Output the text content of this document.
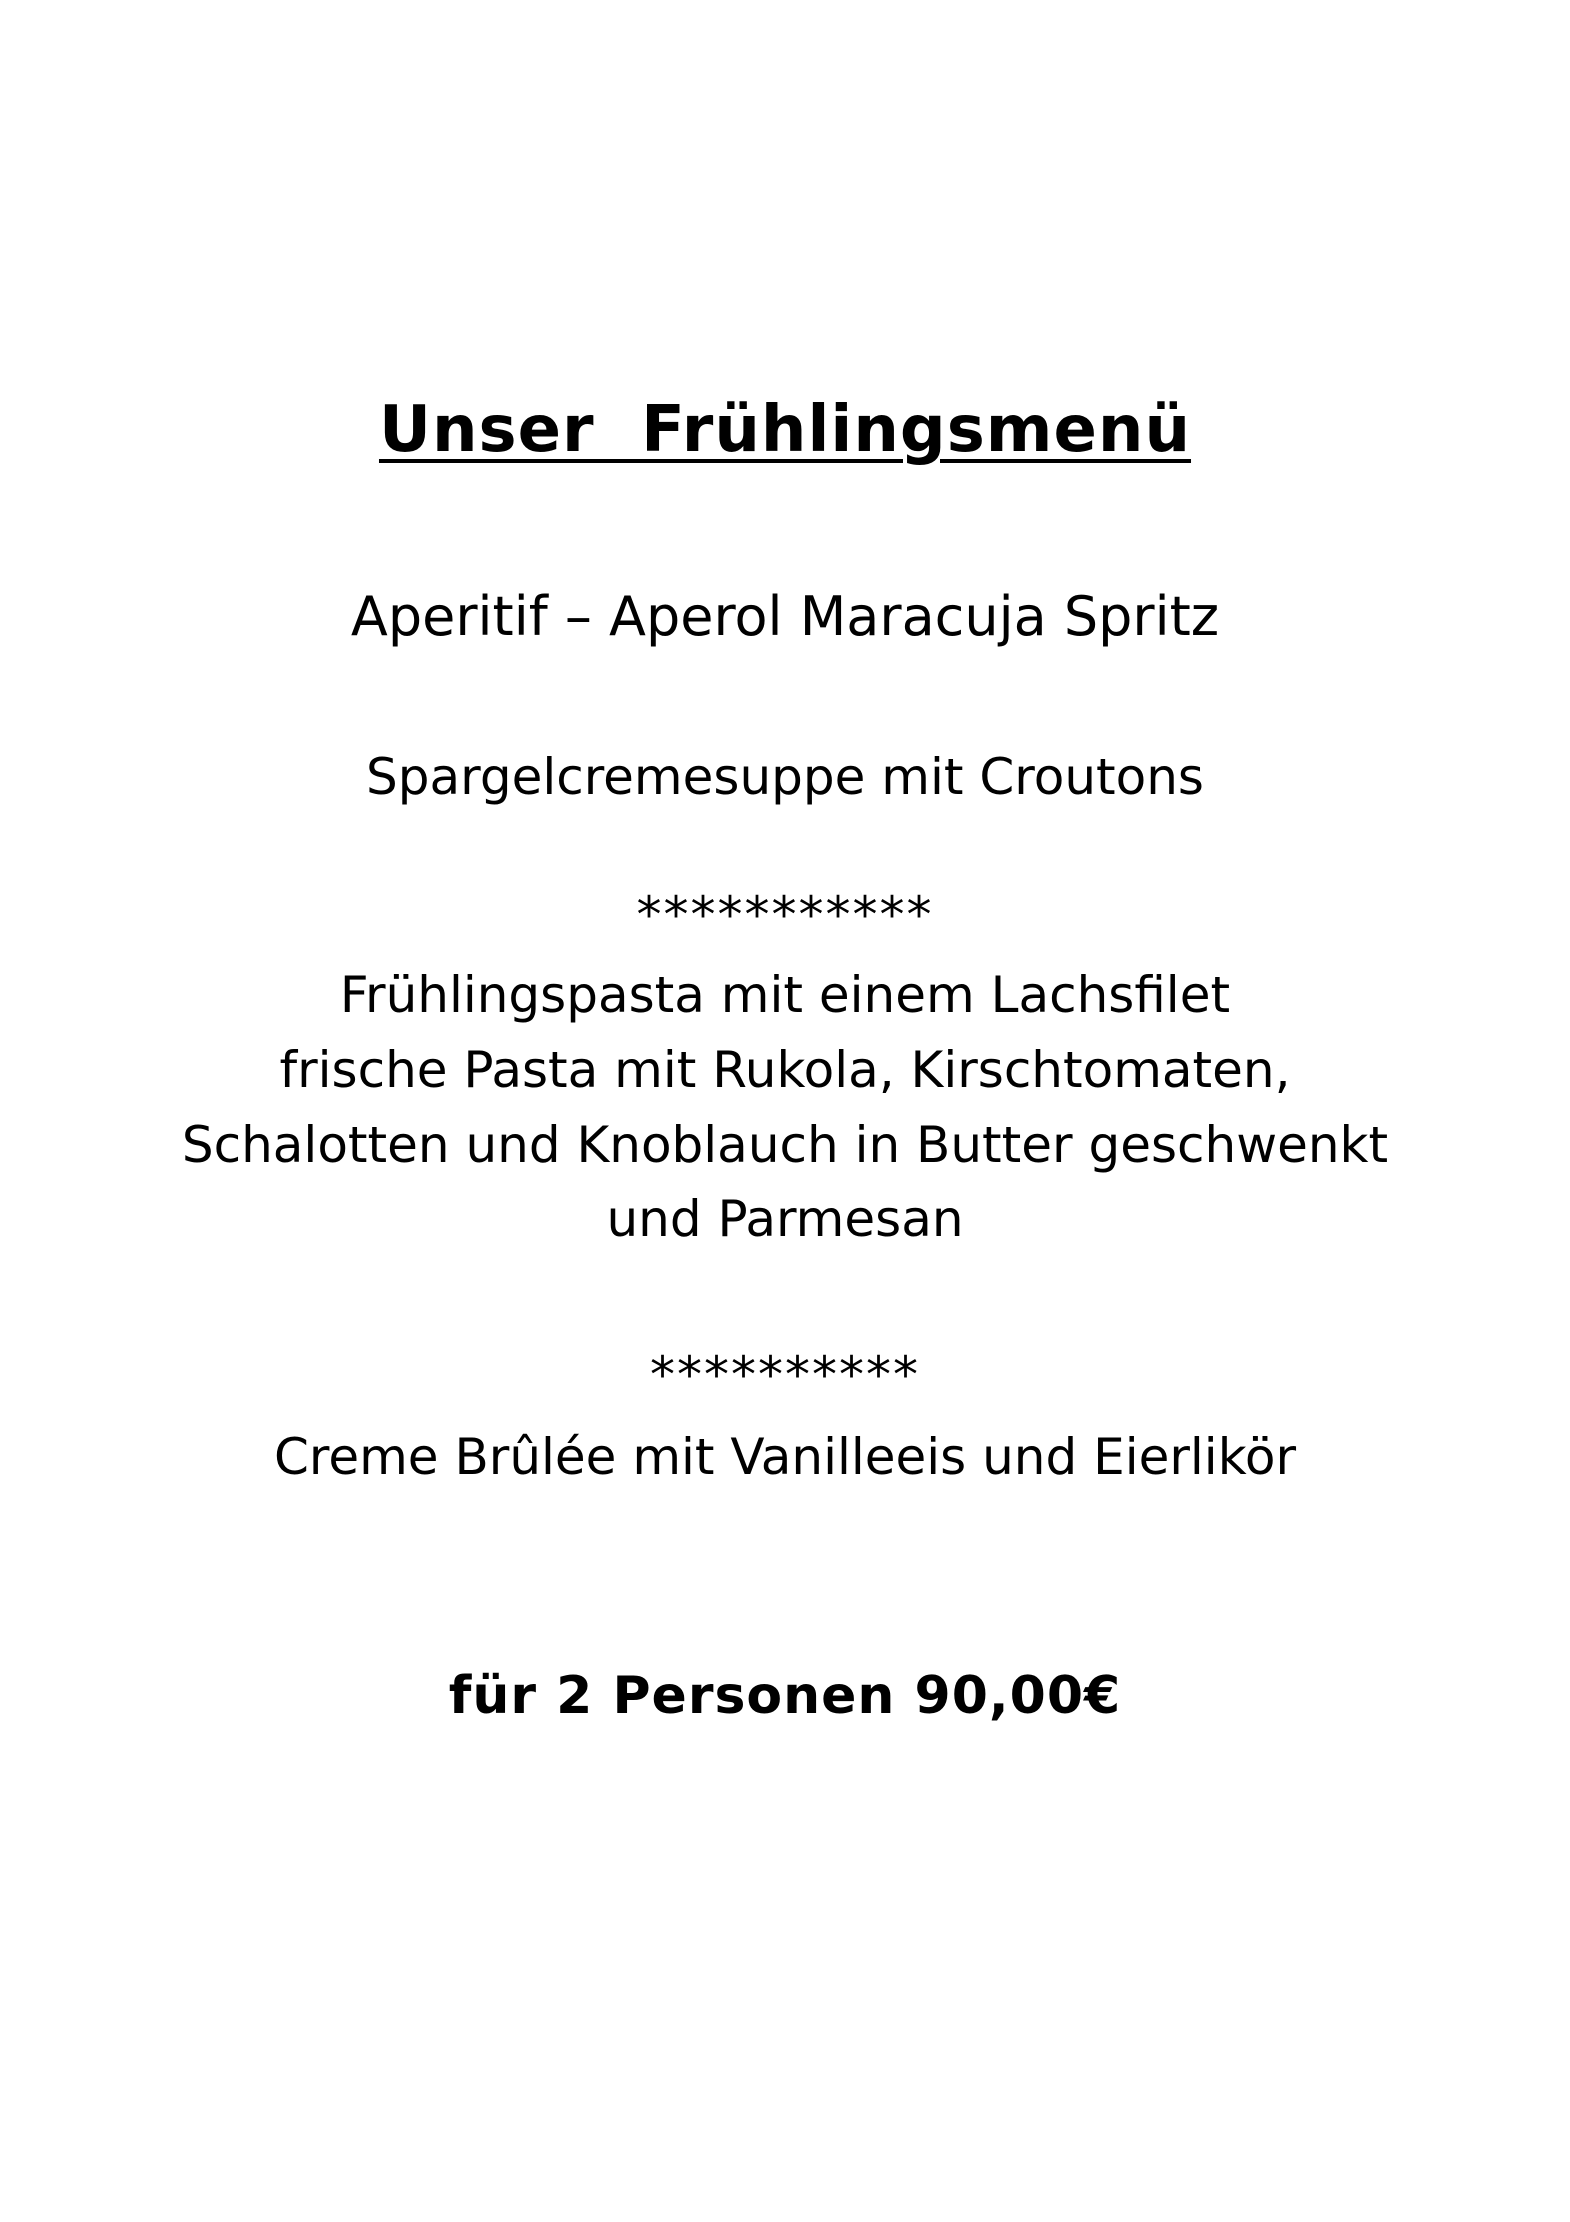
Unser  Frühlingsmenü
Aperitif – Aperol Maracuja Spritz
Spargelcremesuppe mit Croutons
***********
Frühlingspasta mit einem Lachsfilet
frische Pasta mit Rukola, Kirschtomaten,
Schalotten und Knoblauch in Butter geschwenkt
und Parmesan
**********
Creme Brûlée mit Vanilleeis und Eierlikör
für 2 Personen 90,00€
